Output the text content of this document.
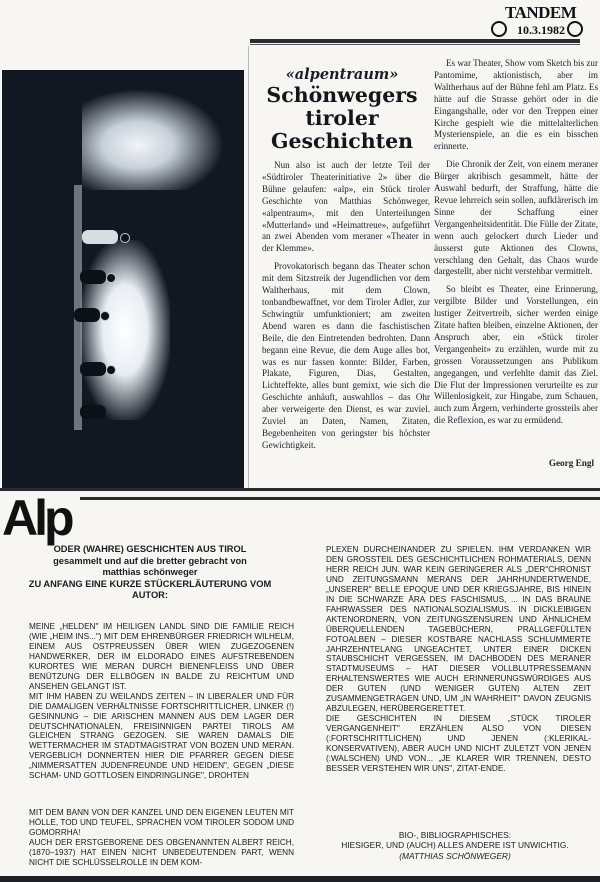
TANDEM
10.3.1982
«alpentraum»
Schönwegers
tiroler
Geschichten

Nun also ist auch der letzte Teil der «Südtiroler Theaterinitiative 2» über die Bühne gelaufen: «alp», ein Stück tiroler Geschichte von Matthias Schönweger, «alpentraum», mit den Unterteilungen «Mutterland» und «Heimattreue», aufgeführt an zwei Abenden vom meraner «Theater in der Klemme».

Provokatorisch begann das Theater schon mit dem Sitzstreik der Jugendlichen vor dem Waltherhaus, mit dem Clown, tonbandbewaffnet, vor dem Tiroler Adler, zur Schwingtür umfunktioniert; am zweiten Abend waren es dann die faschistischen Beile, die den Eintretenden bedrohten. Dann begann eine Revue, die dem Auge alles bot, was es nur fassen konnte: Bilder, Farben, Plakate, Figuren, Dias, Gestalten, Lichteffekte, alles bunt gemixt, wie sich die Geschichte anhäuft, auswahllos – das Ohr aber verweigerte den Dienst, es war zuviel. Zuviel an Daten, Namen, Zitaten, Begebenheiten von geringster bis höchster Gewichtigkeit.

Es war Theater, Show vom Sketch bis zur Pantomime, aktionistisch, aber im Waltherhaus auf der Bühne fehl am Platz. Es hätte auf die Strasse gehört oder in die Eingangshalle, oder vor den Treppen einer Kirche gespielt wie die mittelalterlichen Mysterienspiele, an die es ein bisschen erinnerte.

Die Chronik der Zeit, von einem meraner Bürger akribisch gesammelt, hätte der Auswahl bedurft, der Straffung, hätte die Revue lehrreich sein sollen, aufklärerisch im Sinne der Schaffung einer Vergangenheitsidentität. Die Fülle der Zitate, wenn auch gelockert durch Lieder und äusserst gute Aktionen des Clowns, verschlang den Gehalt, das Chaos wurde dargestellt, aber nicht verstehbar vermittelt.

So bleibt es Theater, eine Erinnerung, vergilbte Bilder und Vorstellungen, ein lustiger Zeitvertreib, sicher werden einige Zitate haften bleiben, einzelne Aktionen, der Anspruch aber, ein «Stück tiroler Vergangenheit» zu erzählen, wurde mit zu grossen Voraussetzungen ans Publikum angegangen, und verfehlte damit das Ziel. Die Flut der Impressionen verurteilte es zur Willenlosigkeit, zur Hingabe, zum Schauen, auch zum Ärgern, verhinderte grossteils aber die Reflexion, es war zu ermüdend.

Georg Engl
Alp
ODER (WAHRE) GESCHICHTEN AUS TIROL
gesammelt und auf die bretter gebracht von
matthias schönweger
ZU ANFANG EINE KURZE STÜCKERLÄUTERUNG VOM AUTOR:

MEINE „HELDEN" IM HEILIGEN LANDL SIND DIE FAMILIE REICH (WIE „HEIM INS...") MIT DEM EHRENBÜRGER FRIEDRICH WILHELM, EINEM AUS OSTPREUSSEN ÜBER WIEN ZUGEZOGENEN HANDWERKER, DER IM ELDORADO EINES AUFSTREBENDEN KURORTES WIE MERAN DURCH BIENENFLEISS UND ÜBER BENÜTZUNG DER ELLBÖGEN IN BALDE ZU REICHTUM UND ANSEHEN GELANGT IST.

MIT IHM HABEN ZU WEILANDS ZEITEN – IN LIBERALER UND FÜR DIE DAMALIGEN VERHÄLTNISSE FORTSCHRITTLICHER, LINKER (!) GESINNUNG – DIE ARISCHEN MANNEN AUS DEM LAGER DER DEUTSCHNATIONALEN, FREISINNIGEN PARTEI TIROLS AM GLEICHEN STRANG GEZOGEN. SIE WAREN DAMALS DIE WETTERMACHER IM STADTMAGISTRAT VON BOZEN UND MERAN. VERGEBLICH DONNERTEN HIER DIE PFARRER GEGEN DIESE „NIMMERSATTEN JUDENFREUNDE UND HEIDEN", GEGEN „DIESE SCHAM- UND GOTTLOSEN EINDRINGLINGE", DROHTEN

MIT DEM BANN VON DER KANZEL UND DEN EIGENEN LEUTEN MIT HÖLLE, TOD UND TEUFEL, SPRACHEN VOM TIROLER SODOM UND GOMORRHA!

AUCH DER ERSTGEBORENE DES OBGENANNTEN ALBERT REICH, (1870–1937) HAT EINEN NICHT UNBEDEUTENDEN PART, WENN NICHT DIE SCHLÜSSELROLLE IN DEM KOM-

PLEXEN DURCHEINANDER ZU SPIELEN. IHM VERDANKEN WIR DEN GROSSTEIL DES GESCHICHTLICHEN ROHMATERIALS, DENN HERR REICH JUN. WAR KEIN GERINGERER ALS „DER"CHRONIST UND ZEITUNGSMANN MERANS DER JAHRHUNDERTWENDE, „UNSERER" BELLE EPOQUE UND DER KRIEGSJAHRE, BIS HINEIN IN DIE SCHWARZE ÄRA DES FASCHISMUS, ... IN DAS BRAUNE FAHRWASSER DES NATIONALSOZIALISMUS. IN DICKLEIBIGEN AKTENORDNERN, VON ZEITUNGSZENSUREN UND ÄHNLICHEM ÜBERQUELLENDEN TAGEBÜCHERN, PRALLGEFÜLLTEN FOTOALBEN – DIESER KOSTBARE NACHLASS SCHLUMMERTE JAHRZEHNTELANG UNGEACHTET, UNTER EINER DICKEN STAUBSCHICHT VERGESSEN, IM DACHBODEN DES MERANER STADTMUSEUMS – HAT DIESER VOLLBLUTPRESSEMANN ERHALTENSWERTES WIE AUCH ERINNERUNGSWÜRDIGES AUS DER GUTEN (UND WENIGER GUTEN) ALTEN ZEIT ZUSAMMENGETRAGEN UND, UM „IN WAHRHEIT" DAVON ZEUGNIS ABZULEGEN, HERÜBERGERETTET.

DIE GESCHICHTEN IN DIESEM „STÜCK TIROLER VERGANGENHEIT" ERZÄHLEN ALSO VON DIESEN (:FORTSCHRITTLICHEN) UND JENEN (:KLERIKAL-KONSERVATIVEN), ABER AUCH UND NICHT ZULETZT VON JENEN (:WALSCHEN) UND VON... „JE KLARER WIR TRENNEN, DESTO BESSER VERSTEHEN WIR UNS", ZITAT-ENDE.

BIO-, BIBLIOGRAPHISCHES:
HIESIGER, UND (AUCH) ALLES ANDERE IST UNWICHTIG.
(MATTHIAS SCHÖNWEGER)
